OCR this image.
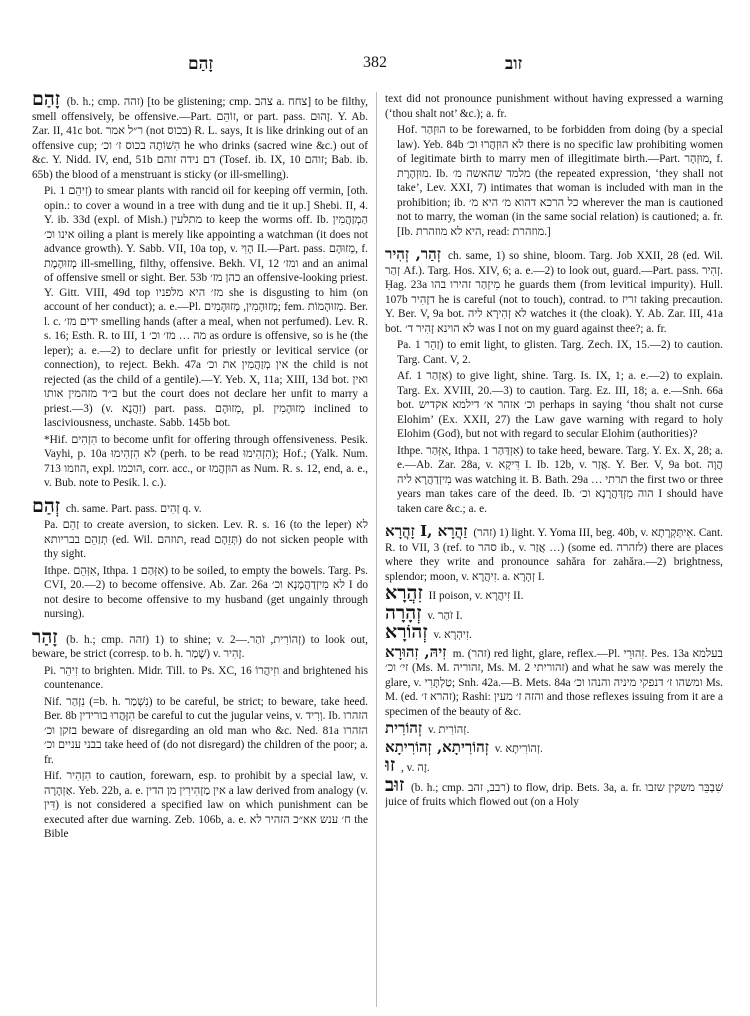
זָהַם	382	זוב

זָהַם (b. h.; cmp. זהה) [to be glistening; cmp. צהב a. צחח] to be filthy, smell offensively, be offensive.—Part. זוֹהֵם, or part. pass. זָהוּם. Y. Ab. Zar. II, 41c bot. ר״ל אמר (not בכוס) R. L. says, It is like drinking out of an offensive cup; הִשׁוֹתֶה בכוס ז׳ וכ׳ he who drinks (sacred wine &c.) out of &c. Y. Nidd. IV, end, 51b דם נידה זוהם (Tosef. ib. IX, 10 זוהם; Bab. ib. 65b) the blood of a menstruant is sticky (or ill-smelling).

Pi. זִיהֵם 1) to smear plants with rancid oil for keeping off vermin, [oth. opin.: to cover a wound in a tree with dung and tie it up.] Shebi. II, 4. Y. ib. 33d (expl. of Mish.) מתלעין to keep the worms off. Ib. הַמְזַהֲמִין אינו וכ׳ oiling a plant is merely like appointing a watchman (it does not advance growth). Y. Sabb. VII, 10a top, v. הָוִי II.—Part. pass. מְזוּהָם, f. מְזוּהֶמֶת ill-smelling, filthy, offensive. Bekh. VI, 12 ומז׳ and an animal of offensive smell or sight. Ber. 53b כהן מז׳ an offensive-looking priest. Y. Gitt. VIII, 49d top מז׳ היא מלפניו she is disgusting to him (on account of her conduct); a. e.—Pl. מְזוּהָמִין, מְזוּהָמִים; fem. מְזוּהָמוֹת. Ber. l. c. ידים מז׳ smelling hands (after a meal, when not perfumed). Lev. R. s. 16; Esth. R. to III, 1 מה … מז׳ וכ׳ as ordure is offensive, so is he (the leper); a. e.—2) to declare unfit for priestly or levitical service (or connection), to reject. Bekh. 47a אין מְזַהֲמִין את וכ׳ the child is not rejected (as the child of a gentile).—Y. Yeb. X, 11a; XIII, 13d bot. ואין ב״ד מזהמין אותו but the court does not declare her unfit to marry a priest.—3) (v. זִהֲנָא) part. pass. מְזוּהָם, pl. מְזוּהָמִין inclined to lasciviousness, unchaste. Sabb. 145b bot.

*Hif. הִזְהִים to become unfit for offering through offensiveness. Pesik. Vayhi, p. 10a לא הִזְהִימוּ (perh. to be read הִזְהִימוּ); Hof.; (Yalk. Num. 713 הוזמו, expl. הוכמו, corr. acc., or הוּזְהֲמוּ as Num. R. s. 12, end, a. e., v. Bub. note to Pesik. l. c.).

זְהַם ch. same. Part. pass. זְהִים q. v.

Pa. זַהֵם to create aversion, to sicken. Lev. R. s. 16 (to the leper) לא תְזַהֵם בבריותא (ed. Wil. תוזהם, read תְּזֵהָם) do not sicken people with thy sight.

Ithpe. אִזְּהֵם, Ithpa. אִזְּהַם 1) to be soiled, to empty the bowels. Targ. Ps. CVI, 20.—2) to become offensive. Ab. Zar. 26a לא מִיזְדַהֲמָנָא וכ׳ I do not desire to become offensive to my husband (get ungainly through nursing).

זָהַר (b. h.; cmp. זהה) 1) to shine; v. זְהוֹרִית, זֹהַר.—2) to look out, beware, be strict (corresp. to b. h. שָׁמַר) v. זָהִיר.

Pi. זִיהֵר to brighten. Midr. Till. to Ps. XC, 16 וזִיהֲרוֹ and brightened his countenance.

Nif. נִזְהַר (=b. h. נִשְׁמַר) to be careful, be strict; to beware, take heed. Ber. 8b הִזָּהֲרוּ בורידין be careful to cut the jugular veins, v. וְרִיד. Ib. הזהרו בזקן וכ׳ beware of disregarding an old man who &c. Ned. 81a הזהרו בבני עניים וכ׳ take heed of (do not disregard) the children of the poor; a. fr.

Hif. הִזְהִיר to caution, forewarn, esp. to prohibit by a special law, v. אַזְהָרָה. Yeb. 22b, a. e. אין מַזְהִירִין מן הדין a law derived from analogy (v. דִּין) is not considered a specified law on which punishment can be executed after due warning. Zeb. 106b, a. e. ח׳ ענש אא״כ הזהיר לא the Bible

text did not pronounce punishment without having expressed a warning (‘thou shalt not’ &c.); a. fr.

Hof. הוּזְהַר to be forewarned, to be forbidden from doing (by a special law). Yeb. 84b לא הוּזְהֲרוּ וכ׳ there is no specific law prohibiting women of legitimate birth to marry men of illegitimate birth.—Part. מוּזְהָר, f. מוּזְהֶרֶת. Ib. מלמד שהאשה מ׳ (the repeated expression, ‘they shall not take’, Lev. XXI, 7) intimates that woman is included with man in the prohibition; ib. כל הרכא דהוא מ׳ היא מ׳ wherever the man is cautioned not to marry, the woman (in the same social relation) is cautioned; a. fr. [Ib. היא לא מוזהרת, read: מוזהרת.]

זְהַר, זְהִיר ch. same, 1) so shine, bloom. Targ. Job XXII, 28 (ed. Wil. זְהַר Af.). Targ. Hos. XIV, 6; a. e.—2) to look out, guard.—Part. pass. זְהִיר. Ḥag. 23a מִיזְהַר זהירו בהו he guards them (from levitical impurity). Hull. 107b דזָהִיר he is careful (not to touch), contrad. to זריז taking precaution. Y. Ber. V, 9a bot. לא זְהִירָא ליה watches it (the cloak). Y. Ab. Zar. III, 41a bot. לא הוינא זָהִיר ד׳ was I not on my guard against thee?; a. fr.

Pa. זַהֵר 1) to emit light, to glisten. Targ. Zech. IX, 15.—2) to caution. Targ. Cant. V, 2.

Af. אַזְהַר 1) to give light, shine. Targ. Is. IX, 1; a. e.—2) to explain. Targ. Ex. XVIII, 20.—3) to caution. Targ. Ez. III, 18; a. e.—Snh. 66a bot. וכ׳ אזהר א׳ דילמא אקדיש perhaps in saying ‘thou shalt not curse Elohim’ (Ex. XXII, 27) the Law gave warning with regard to holy Elohim (God), but not with regard to secular Elohim (authorities)?

Ithpe. אִזְּהַר, Ithpa. אִזְדַּהַר 1) to take heed, beware. Targ. Y. Ex. X, 28; a. e.—Ab. Zar. 28a, v. דִּיקָא I. Ib. 12b, v. אֲזַר. Y. Ber. V, 9a bot. הֲוָה מִיזְדַהֲרָא ליה was watching it. B. Bath. 29a … תרתי the first two or three years man takes care of the deed. Ib. הוה מִזְדַּהֲרָנָא וכ׳ I should have taken care &c.; a. e.

זָהֲרָא I, זַהֲרָא (זהר) 1) light. Y. Yoma III, beg. 40b, v. אִיתְּקְרָתָא. Cant. R. to VII, 3 (ref. to סהר ib., v. אֲזַר …) (some ed. לזהרה) there are places where they write and pronounce sahăra for zahăra.—2) brightness, splendor; moon, v. זִיהֲרָא. a. זְהָרָא I.

זִהֲרָא II poison, v. זִיהֲרָא II.

זְהָרָה v. זֹהַר I.

זְהוֹרָא v. זִיהְרָא.

זִיהּ, זִהוּרָא m. (זהר) red light, glare, reflex.—Pl. זִהוּרֵי. Pes. 13a בעלמא זי׳ וכ׳ (Ms. M. זהוריה, Ms. M. 2 זהוריתי) and what he saw was merely the glare, v. טַלְתָּרִי; Snh. 42a.—B. Mets. 84a ומשהו ז׳ דנפקי מיניה והנהו וכ׳ Ms. M. (ed. זהרא ז׳); Rashi: והזה ז׳ מעין and those reflexes issuing from it are a specimen of the beauty of &c.

זְהוֹרִית v. זְהוֹרִית.

זְהוֹרִיתָא, זְהוֹרִיתָא v. זְהוֹרִיתָא.

זוּ , v. זֶה.

זוּב (b. h.; cmp. רבב, זהב) to flow, drip. Bets. 3a, a. fr. שִׁבְבֵּר משקין שזבו juice of fruits which flowed out (on a Holy
